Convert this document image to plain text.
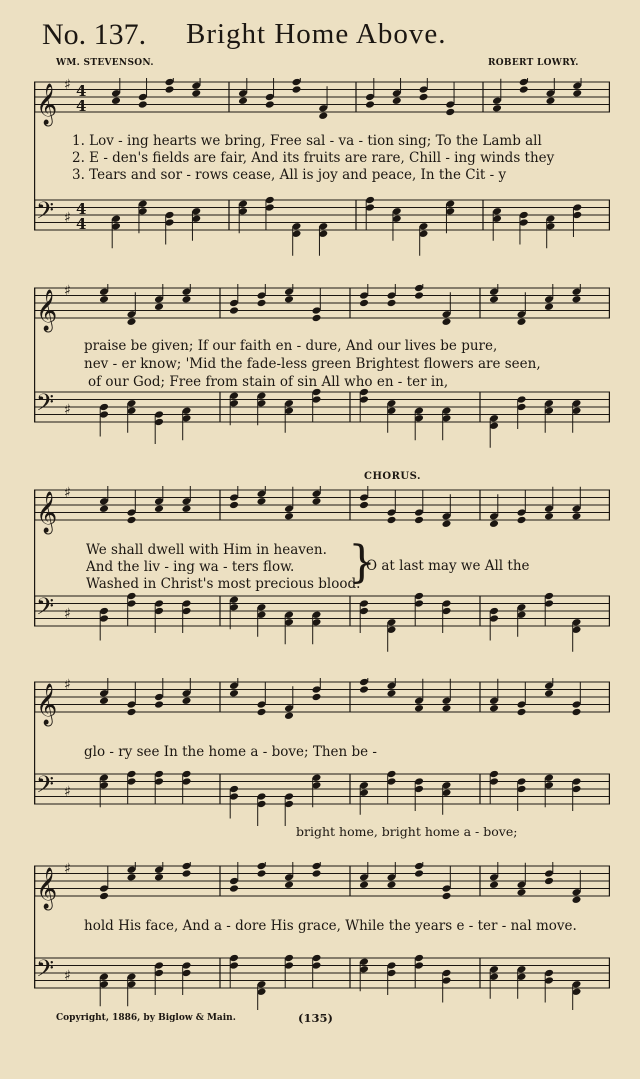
No. 137. Bright Home Above.
WM. STEVENSON.	ROBERT LOWRY.
𝄞 ♯ 4
4
𝄢 ♯ 4
4
1. Lov - ing hearts we bring, Free sal - va - tion sing; To the Lamb all
2. E - den's fields are fair, And its fruits are rare, Chill - ing winds they
3. Tears and sor - rows cease, All is joy and peace, In the Cit - y
𝄞 ♯
𝄢 ♯
praise be given; If our faith en - dure, And our lives be pure,
nev - er know; 'Mid the fade-less green Brightest flowers are seen,
of our God; Free from stain of sin All who en - ter in,
CHORUS.
𝄞 ♯
𝄢 ♯
We shall dwell with Him in heaven.
And the liv - ing wa - ters flow.
Washed in Christ's most precious blood.
}
O at last may we All the
𝄞 ♯
𝄢 ♯
glo - ry see In the home a - bove; Then be -
bright home, bright home a - bove;
𝄞 ♯
𝄢 ♯
hold His face, And a - dore His grace, While the years e - ter - nal move.
Copyright, 1886, by Biglow & Main.	(135)
